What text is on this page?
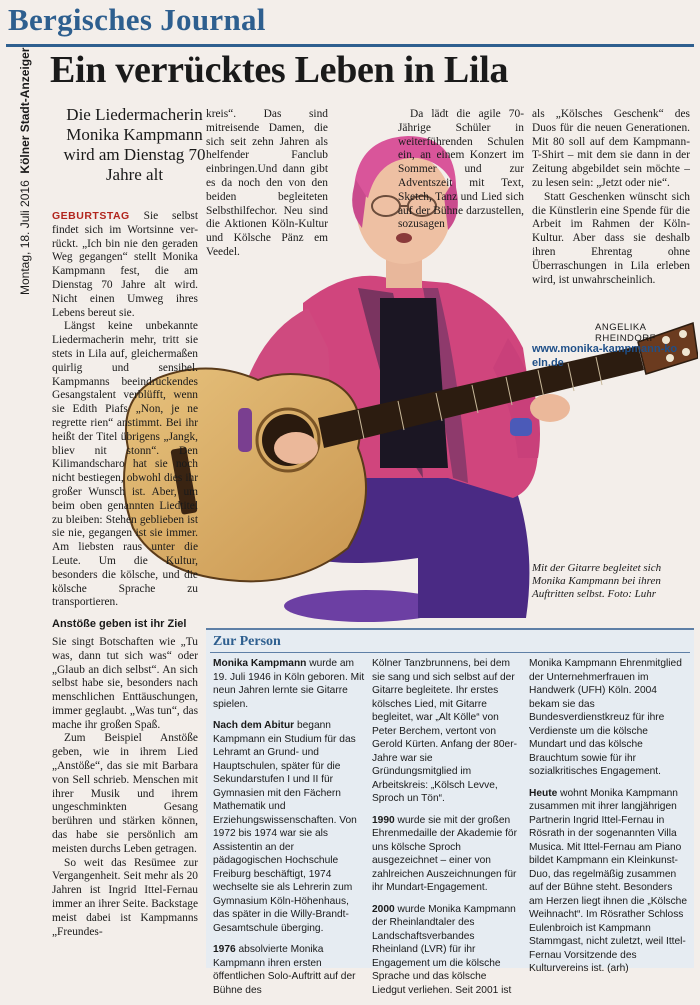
Bergisches Journal
Montag, 18. Juli 2016  Kölner Stadt-Anzeiger Ein verrücktes Leben in Lila
Die Liedermacherin Monika Kampmann wird am Dienstag 70 Jahre alt

GEBURTSTAG Sie selbst findet sich im Wortsinne ver-rückt. „Ich bin nie den geraden Weg gegangen“ stellt Monika Kampmann fest, die am Dienstag 70 Jahre alt wird. Nicht einen Umweg ihres Lebens bereut sie.

Längst keine unbekannte Liedermacherin mehr, tritt sie stets in Lila auf, gleichermaßen quirlig und sensibel. Kampmanns beeindruckendes Gesangstalent verblüfft, wenn sie Edith Piafs „Non, je ne regrette rien“ anstimmt. Bei ihr heißt der Titel übrigens „Jangk, bliev nit stonn“. Den Kilimandscharo hat sie noch nicht bestiegen, obwohl dies ihr großer Wunsch ist. Aber, um beim oben genannten Liedtitel zu bleiben: Stehen geblieben ist sie nie, gegangen ist sie immer. Am liebsten raus unter die Leute. Um die Kultur, besonders die kölsche, und die kölsche Sprache zu transportieren.

Anstöße geben ist ihr Ziel

Sie singt Botschaften wie „Tu was, dann tut sich was“ oder „Glaub an dich selbst“. An sich selbst habe sie, besonders nach menschlichen Enttäuschungen, immer geglaubt. „Was tun“, das mache ihr großen Spaß.

Zum Beispiel Anstöße geben, wie in ihrem Lied „Anstöße“, das sie mit Barbara von Sell schrieb. Menschen mit ihrer Musik und ihrem ungeschminkten Gesang berühren und stärken können, das habe sie persönlich am meisten durchs Leben getragen.

So weit das Resümee zur Vergangenheit. Seit mehr als 20 Jahren ist Ingrid Ittel-Fernau immer an ihrer Seite. Backstage meist dabei ist Kampmanns „Freundes-

kreis“. Das sind mitreisende Damen, die sich seit zehn Jahren als helfender Fanclub einbringen.Und dann gibt es da noch den von den beiden begleiteten Selbsthilfechor. Neu sind die Aktionen Köln-Kultur und Kölsche Pänz em Veedel.

Da lädt die agile 70-Jährige Schüler in weiterführenden Schulen ein, an einem Konzert im Sommer und zur Adventszeit mit Text, Sketch, Tanz und Lied sich auf der Bühne darzustellen, sozusagen

als „Kölsches Geschenk“ des Duos für die neuen Generationen. Mit 80 soll auf dem Kampmann-T-Shirt – mit dem sie dann in der Zeitung abgebildet sein möchte – zu lesen sein: „Jetzt oder nie“.

Statt Geschenken wünscht sich die Künstlerin eine Spende für die Arbeit im Rahmen der Köln-Kultur. Aber dass sie deshalb ihren Ehrentag ohne Überraschungen in Lila erleben wird, ist unwahrscheinlich.

ANGELIKA RHEINDORF
www.monika-kampmann-koeln.de
Mit der Gitarre begleitet sich Monika Kampmann bei ihren Auftritten selbst. Foto: Luhr
Zur Person

Monika Kampmann wurde am 19. Juli 1946 in Köln geboren. Mit neun Jahren lernte sie Gitarre spielen.

Nach dem Abitur begann Kampmann ein Studium für das Lehramt an Grund- und Hauptschulen, später für die Sekundarstufen I und II für Gymnasien mit den Fächern Mathematik und Erziehungswissenschaften. Von 1972 bis 1974 war sie als Assistentin an der pädagogischen Hochschule Freiburg beschäftigt, 1974 wechselte sie als Lehrerin zum Gymnasium Köln-Höhenhaus, das später in die Willy-Brandt-Gesamtschule überging.

1976 absolvierte Monika Kampmann ihren ersten öffentlichen Solo-Auftritt auf der Bühne des

Kölner Tanzbrunnens, bei dem sie sang und sich selbst auf der Gitarre begleitete. Ihr erstes kölsches Lied, mit Gitarre begleitet, war „Alt Kölle“ von Peter Berchem, vertont von Gerold Kürten. Anfang der 80er-Jahre war sie Gründungsmitglied im Arbeitskreis: „Kölsch Levve, Sproch un Tön“.

1990 wurde sie mit der großen Ehrenmedaille der Akademie för uns kölsche Sproch ausgezeichnet – einer von zahlreichen Auszeichnungen für ihr Mundart-Engagement.

2000 wurde Monika Kampmann der Rheinlandtaler des Landschaftsverbandes Rheinland (LVR) für ihr Engagement um die kölsche Sprache und das kölsche Liedgut verliehen. Seit 2001 ist

Monika Kampmann Ehrenmitglied der Unternehmerfrauen im Handwerk (UFH) Köln. 2004 bekam sie das Bundesverdienstkreuz für ihre Verdienste um die kölsche Mundart und das kölsche Brauchtum sowie für ihr sozialkritisches Engagement.

Heute wohnt Monika Kampmann zusammen mit ihrer langjährigen Partnerin Ingrid Ittel-Fernau in Rösrath in der sogenannten Villa Musica. Mit Ittel-Fernau am Piano bildet Kampmann ein Kleinkunst-Duo, das regelmäßig zusammen auf der Bühne steht. Besonders am Herzen liegt ihnen die „Kölsche Weihnacht“. Im Rösrather Schloss Eulenbroich ist Kampmann Stammgast, nicht zuletzt, weil Ittel-Fernau Vorsitzende des Kulturvereins ist. (arh)
